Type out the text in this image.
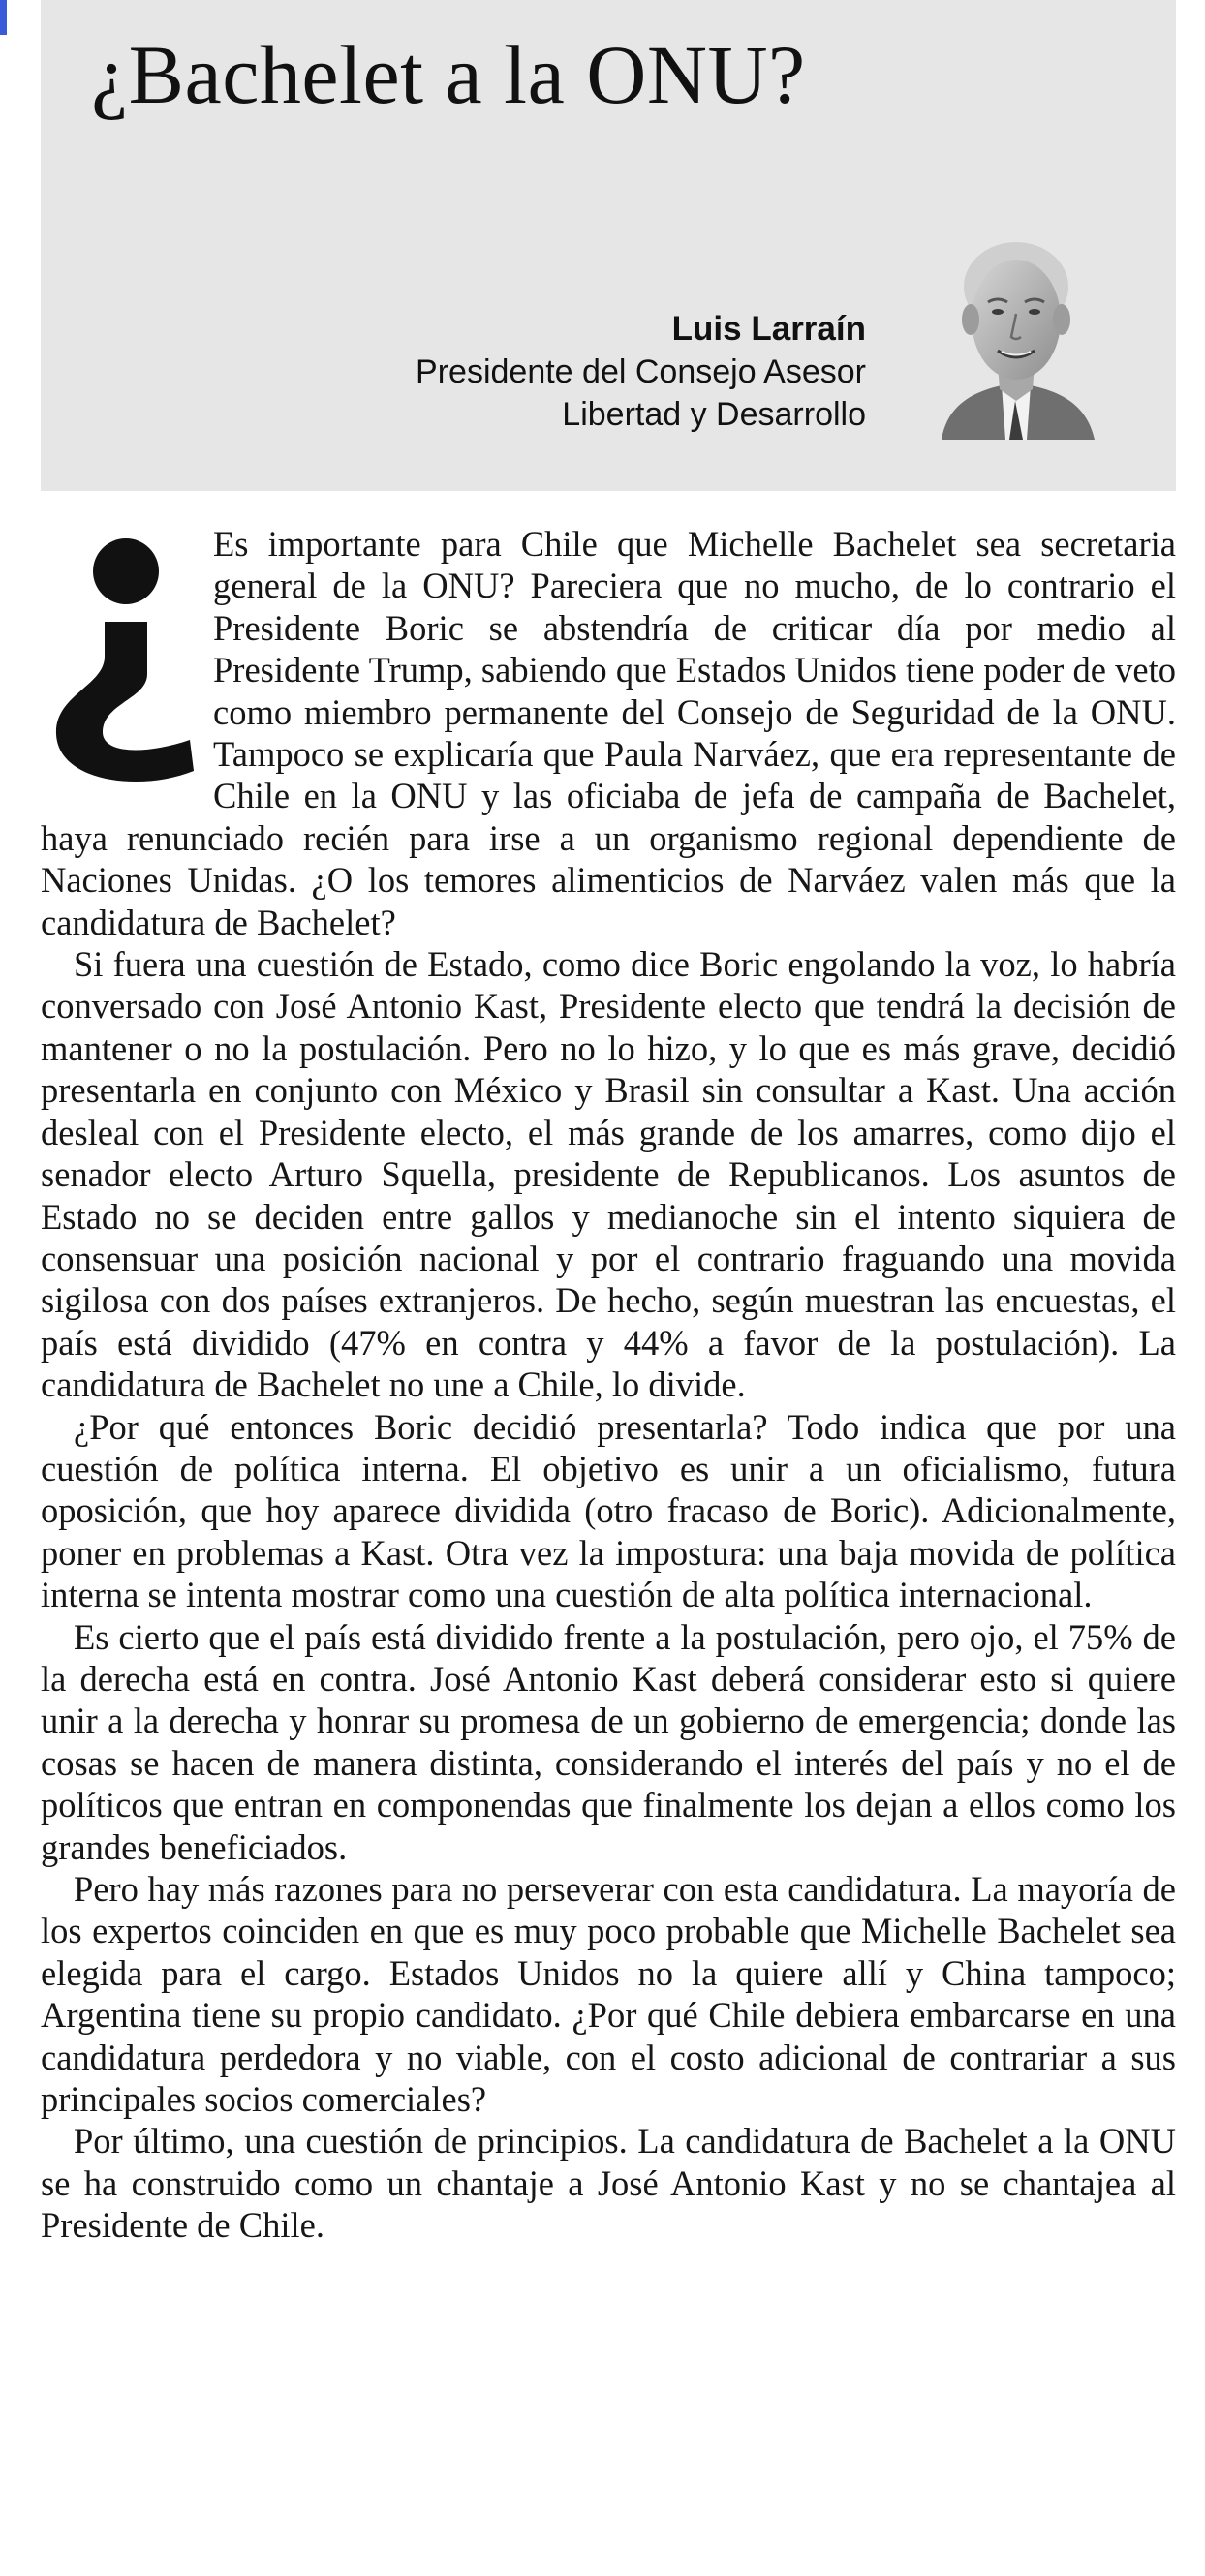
¿Bachelet a la ONU?
Luis Larraín
Presidente del Consejo Asesor
Libertad y Desarrollo

Es importante para Chile que Michelle Bachelet sea secretaria general de la ONU? Pareciera que no mucho, de lo contrario el Presidente Boric se abstendría de criticar día por medio al Presidente Trump, sabiendo que Estados Unidos tiene poder de veto como miembro permanente del Consejo de Seguridad de la ONU. Tampoco se explicaría que Paula Narváez, que era representante de Chile en la ONU y las oficiaba de jefa de campaña de Bachelet, haya renunciado recién para irse a un organismo regional dependiente de Naciones Unidas. ¿O los temores alimenticios de Narváez valen más que la candidatura de Bachelet?

Si fuera una cuestión de Estado, como dice Boric engolando la voz, lo habría conversado con José Antonio Kast, Presidente electo que tendrá la decisión de mantener o no la postulación. Pero no lo hizo, y lo que es más grave, decidió presentarla en conjunto con México y Brasil sin consultar a Kast. Una acción desleal con el Presidente electo, el más grande de los amarres, como dijo el senador electo Arturo Squella, presidente de Republicanos. Los asuntos de Estado no se deciden entre gallos y medianoche sin el intento siquiera de consensuar una posición nacional y por el contrario fraguando una movida sigilosa con dos países extranjeros. De hecho, según muestran las encuestas, el país está dividido (47% en contra y 44% a favor de la postulación). La candidatura de Bachelet no une a Chile, lo divide.

¿Por qué entonces Boric decidió presentarla? Todo indica que por una cuestión de política interna. El objetivo es unir a un oficialismo, futura oposición, que hoy aparece dividida (otro fracaso de Boric). Adicionalmente, poner en problemas a Kast. Otra vez la impostura: una baja movida de política interna se intenta mostrar como una cuestión de alta política internacional.

Es cierto que el país está dividido frente a la postulación, pero ojo, el 75% de la derecha está en contra. José Antonio Kast deberá considerar esto si quiere unir a la derecha y honrar su promesa de un gobierno de emergencia; donde las cosas se hacen de manera distinta, considerando el interés del país y no el de políticos que entran en componendas que finalmente los dejan a ellos como los grandes beneficiados.

Pero hay más razones para no perseverar con esta candidatura. La mayoría de los expertos coinciden en que es muy poco probable que Michelle Bachelet sea elegida para el cargo. Estados Unidos no la quiere allí y China tampoco; Argentina tiene su propio candidato. ¿Por qué Chile debiera embarcarse en una candidatura perdedora y no viable, con el costo adicional de contrariar a sus principales socios comerciales?

Por último, una cuestión de principios. La candidatura de Bachelet a la ONU se ha construido como un chantaje a José Antonio Kast y no se chantajea al Presidente de Chile.
